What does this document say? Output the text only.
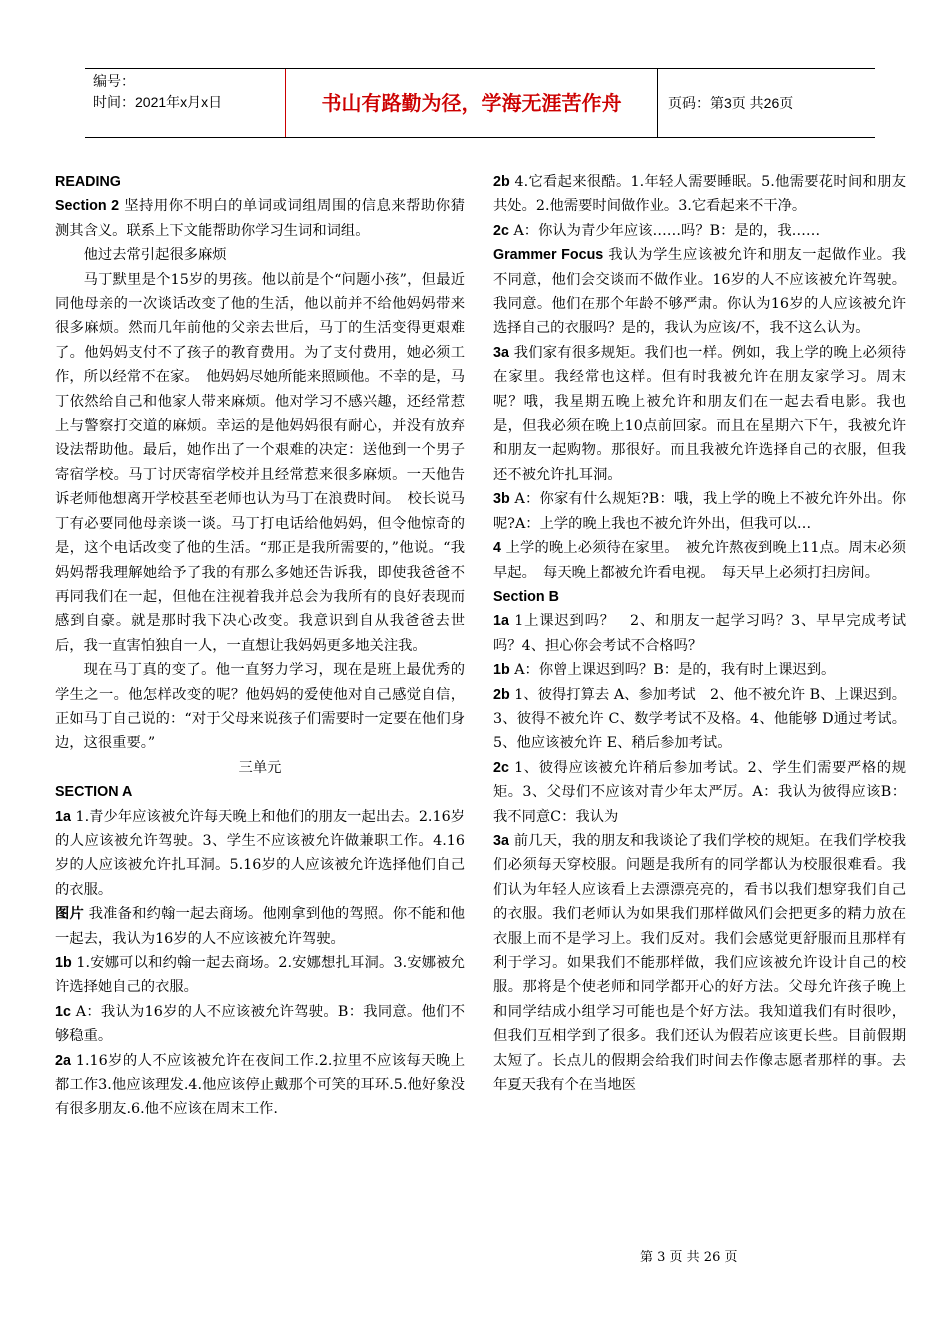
编号：
时间：2021年x月x日	书山有路勤为径，学海无涯苦作舟	页码：第3页 共26页

READING

Section 2 坚持用你不明白的单词或词组周围的信息来帮助你猜测其含义。联系上下文能帮助你学习生词和词组。

他过去常引起很多麻烦

马丁默里是个15岁的男孩。他以前是个“问题小孩”，但最近同他母亲的一次谈话改变了他的生活，他以前并不给他妈妈带来很多麻烦。然而几年前他的父亲去世后，马丁的生活变得更艰难了。他妈妈支付不了孩子的教育费用。为了支付费用，她必须工作，所以经常不在家。　他妈妈尽她所能来照顾他。不幸的是，马丁依然给自己和他家人带来麻烦。他对学习不感兴趣，还经常惹上与警察打交道的麻烦。幸运的是他妈妈很有耐心，并没有放弃设法帮助他。最后，她作出了一个艰难的决定：送他到一个男子寄宿学校。马丁讨厌寄宿学校并且经常惹来很多麻烦。一天他告诉老师他想离开学校甚至老师也认为马丁在浪费时间。　校长说马丁有必要同他母亲谈一谈。马丁打电话给他妈妈，但令他惊奇的是，这个电话改变了他的生活。“那正是我所需要的，”他说。“我妈妈帮我理解她给予了我的有那么多她还告诉我，即使我爸爸不再同我们在一起，但他在注视着我并总会为我所有的良好表现而感到自豪。就是那时我下决心改变。我意识到自从我爸爸去世后，我一直害怕独自一人，一直想让我妈妈更多地关注我。

现在马丁真的变了。他一直努力学习，现在是班上最优秀的学生之一。他怎样改变的呢？他妈妈的爱使他对自己感觉自信，正如马丁自己说的：“对于父母来说孩子们需要时一定要在他们身边，这很重要。”

三单元

SECTION A

1a 1.青少年应该被允许每天晚上和他们的朋友一起出去。2.16岁的人应该被允许驾驶。3、学生不应该被允许做兼职工作。4.16岁的人应该被允许扎耳洞。5.16岁的人应该被允许选择他们自己的衣服。

图片 我准备和约翰一起去商场。他刚拿到他的驾照。你不能和他一起去，我认为16岁的人不应该被允许驾驶。

1b 1.安娜可以和约翰一起去商场。2.安娜想扎耳洞。3.安娜被允许选择她自己的衣服。

1c A：我认为16岁的人不应该被允许驾驶。B：我同意。他们不够稳重。

2a 1.16岁的人不应该被允许在夜间工作.2.拉里不应该每天晚上都工作3.他应该理发.4.他应该停止戴那个可笑的耳环.5.他好象没有很多朋友.6.他不应该在周末工作.

2b 4.它看起来很酷。1.年轻人需要睡眠。5.他需要花时间和朋友共处。2.他需要时间做作业。3.它看起来不干净。

2c A：你认为青少年应该……吗？B：是的，我……

Grammer Focus 我认为学生应该被允许和朋友一起做作业。我不同意，他们会交谈而不做作业。16岁的人不应该被允许驾驶。我同意。他们在那个年龄不够严肃。你认为16岁的人应该被允许选择自己的衣服吗？是的，我认为应该/不，我不这么认为。

3a 我们家有很多规矩。我们也一样。例如，我上学的晚上必须待在家里。我经常也这样。但有时我被允许在朋友家学习。周末呢？哦，我星期五晚上被允许和朋友们在一起去看电影。我也是，但我必须在晚上10点前回家。而且在星期六下午，我被允许和朋友一起购物。那很好。而且我被允许选择自己的衣服，但我还不被允许扎耳洞。

3b A：你家有什么规矩?B：哦，我上学的晚上不被允许外出。你呢?A：上学的晚上我也不被允许外出，但我可以…

4 上学的晚上必须待在家里。　被允许熬夜到晚上11点。周末必须早起。　每天晚上都被允许看电视。　每天早上必须打扫房间。

Section B

1a 1上课迟到吗？　2、和朋友一起学习吗？3、早早完成考试吗？4、担心你会考试不合格吗？

1b A：你曾上课迟到吗？B：是的，我有时上课迟到。

2b 1、彼得打算去 A、参加考试　2、他不被允许 B、上课迟到。3、彼得不被允许 C、数学考试不及格。4、他能够 D通过考试。5、他应该被允许 E、稍后参加考试。

2c 1、彼得应该被允许稍后参加考试。2、学生们需要严格的规矩。3、父母们不应该对青少年太严厉。A：我认为彼得应该B：我不同意C：我认为

3a 前几天，我的朋友和我谈论了我们学校的规矩。在我们学校我们必须每天穿校服。问题是我所有的同学都认为校服很难看。我们认为年轻人应该看上去漂漂亮亮的，看书以我们想穿我们自己的衣服。我们老师认为如果我们那样做风们会把更多的精力放在衣服上而不是学习上。我们反对。我们会感觉更舒服而且那样有利于学习。如果我们不能那样做，我们应该被允许设计自己的校服。那将是个使老师和同学都开心的好方法。父母允许孩子晚上和同学结成小组学习可能也是个好方法。我知道我们有时很吵，但我们互相学到了很多。我们还认为假若应该更长些。目前假期太短了。长点儿的假期会给我们时间去作像志愿者那样的事。去年夏天我有个在当地医

第 3 页 共 26 页
